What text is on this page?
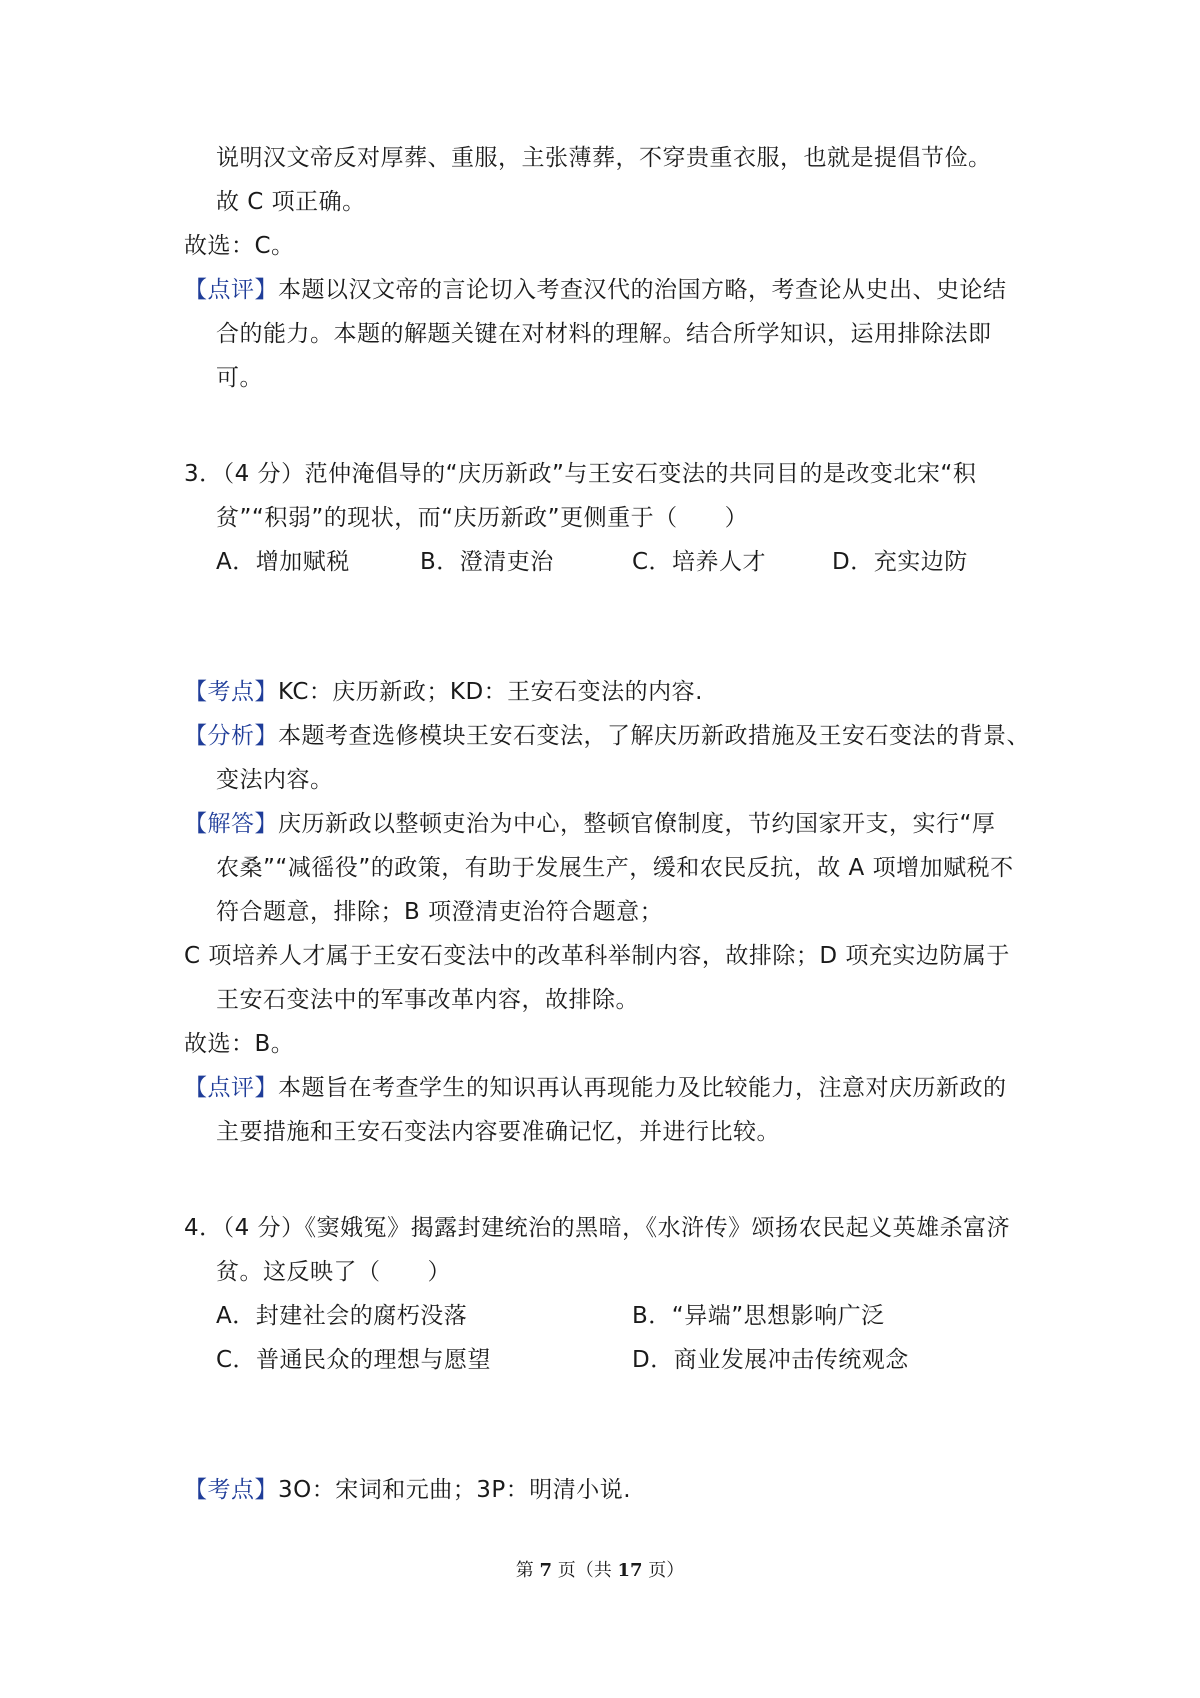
说明汉文帝反对厚葬、重服，主张薄葬，不穿贵重衣服，也就是提倡节俭。
故 C 项正确。
故选：C。
【点评】本题以汉文帝的言论切入考查汉代的治国方略，考查论从史出、史论结
合的能力。本题的解题关键在对材料的理解。结合所学知识，运用排除法即
可。
3．（4 分）范仲淹倡导的“庆历新政”与王安石变法的共同目的是改变北宋“积
贫”“积弱”的现状，而“庆历新政”更侧重于（　　）
A．增加赋税	B．澄清吏治	C．培养人才	D．充实边防
【考点】KC：庆历新政；KD：王安石变法的内容.
【分析】本题考查选修模块王安石变法，了解庆历新政措施及王安石变法的背景、
变法内容。
【解答】庆历新政以整顿吏治为中心，整顿官僚制度，节约国家开支，实行“厚
农桑”“减徭役”的政策，有助于发展生产，缓和农民反抗，故 A 项增加赋税不
符合题意，排除；B 项澄清吏治符合题意；
C 项培养人才属于王安石变法中的改革科举制内容，故排除；D 项充实边防属于
王安石变法中的军事改革内容，故排除。
故选：B。
【点评】本题旨在考查学生的知识再认再现能力及比较能力，注意对庆历新政的
主要措施和王安石变法内容要准确记忆，并进行比较。
4．（4 分）《窦娥冤》揭露封建统治的黑暗，《水浒传》颂扬农民起义英雄杀富济
贫。这反映了（　　）
A．封建社会的腐朽没落	B．“异端”思想影响广泛
C．普通民众的理想与愿望	D．商业发展冲击传统观念
【考点】3O：宋词和元曲；3P：明清小说.
第 7 页（共 17 页）
